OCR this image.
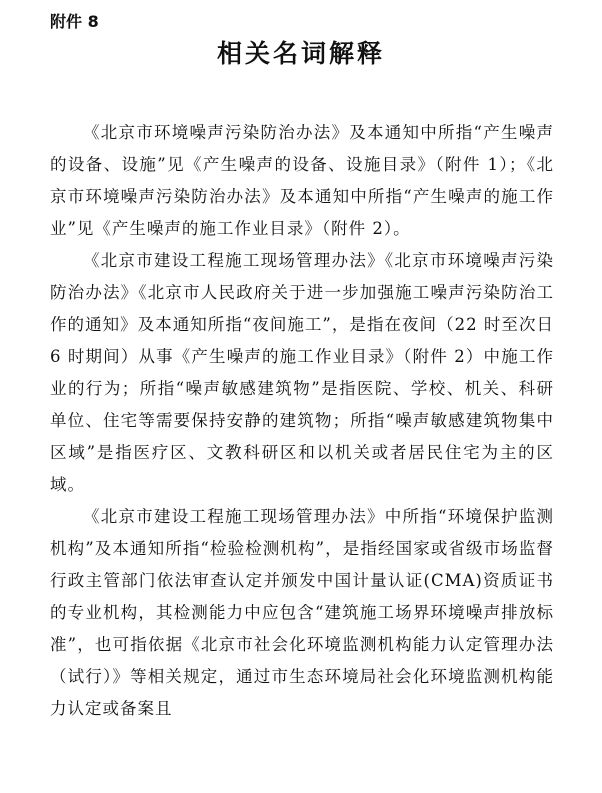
附件 8
相关名词解释

《北京市环境噪声污染防治办法》及本通知中所指“产生噪声的设备、设施”见《产生噪声的设备、设施目录》（附件 1）；《北京市环境噪声污染防治办法》及本通知中所指“产生噪声的施工作业”见《产生噪声的施工作业目录》（附件 2）。

《北京市建设工程施工现场管理办法》《北京市环境噪声污染防治办法》《北京市人民政府关于进一步加强施工噪声污染防治工作的通知》及本通知所指“夜间施工”，是指在夜间（22 时至次日 6 时期间）从事《产生噪声的施工作业目录》（附件 2）中施工作业的行为；所指“噪声敏感建筑物”是指医院、学校、机关、科研单位、住宅等需要保持安静的建筑物；所指“噪声敏感建筑物集中区域”是指医疗区、文教科研区和以机关或者居民住宅为主的区域。

《北京市建设工程施工现场管理办法》中所指“环境保护监测机构”及本通知所指“检验检测机构”，是指经国家或省级市场监督行政主管部门依法审查认定并颁发中国计量认证(CMA)资质证书的专业机构，其检测能力中应包含“建筑施工场界环境噪声排放标准”，也可指依据《北京市社会化环境监测机构能力认定管理办法（试行）》等相关规定，通过市生态环境局社会化环境监测机构能力认定或备案且
